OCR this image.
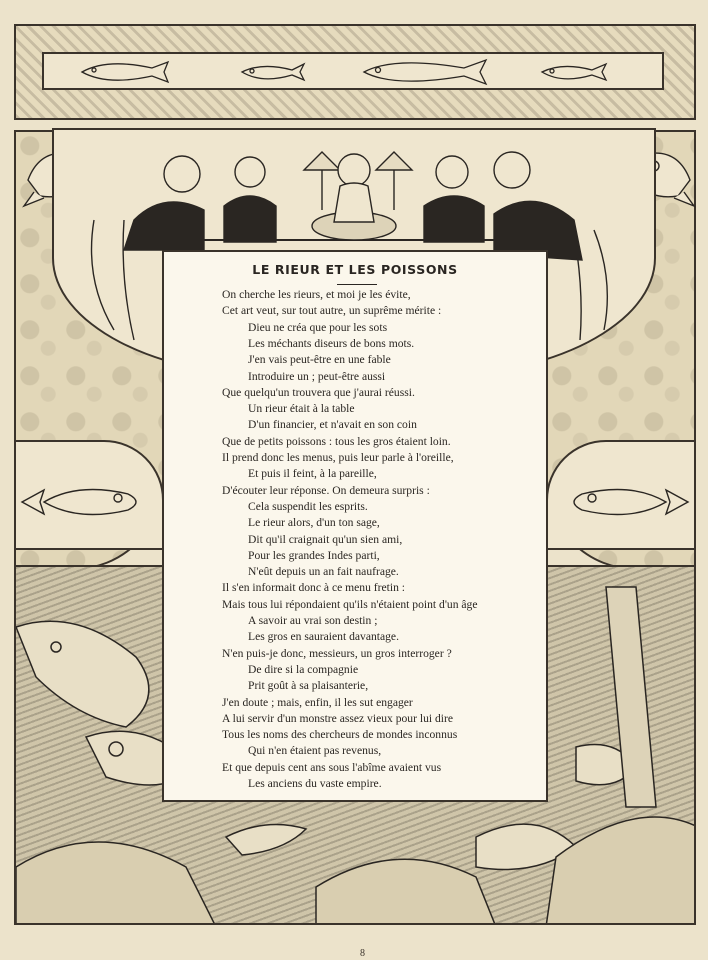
LE RIEUR ET LES POISSONS
On cherche les rieurs, et moi je les évite,
Cet art veut, sur tout autre, un suprême mérite :
Dieu ne créa que pour les sots
Les méchants diseurs de bons mots.
J'en vais peut-être en une fable
Introduire un ; peut-être aussi
Que quelqu'un trouvera que j'aurai réussi.
Un rieur était à la table
D'un financier, et n'avait en son coin
Que de petits poissons : tous les gros étaient loin.
Il prend donc les menus, puis leur parle à l'oreille,
Et puis il feint, à la pareille,
D'écouter leur réponse. On demeura surpris :
Cela suspendit les esprits.
Le rieur alors, d'un ton sage,
Dit qu'il craignait qu'un sien ami,
Pour les grandes Indes parti,
N'eût depuis un an fait naufrage.
Il s'en informait donc à ce menu fretin :
Mais tous lui répondaient qu'ils n'étaient point d'un âge
A savoir au vrai son destin ;
Les gros en sauraient davantage.
N'en puis-je donc, messieurs, un gros interroger ?
De dire si la compagnie
Prit goût à sa plaisanterie,
J'en doute ; mais, enfin, il les sut engager
A lui servir d'un monstre assez vieux pour lui dire
Tous les noms des chercheurs de mondes inconnus
Qui n'en étaient pas revenus,
Et que depuis cent ans sous l'abîme avaient vus
Les anciens du vaste empire.
8
